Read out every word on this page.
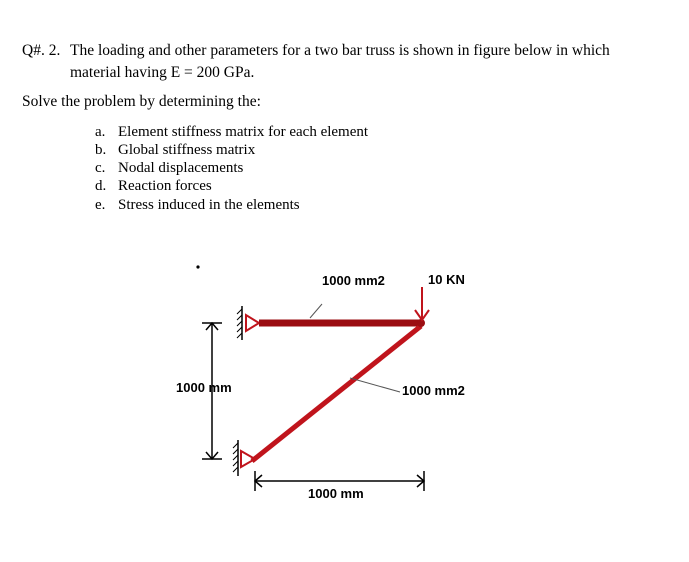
Q#. 2. The loading and other parameters for a two bar truss is shown in figure below in which
material having E = 200 GPa.
Solve the problem by determining the:
a. Element stiffness matrix for each element
b. Global stiffness matrix
c. Nodal displacements
d. Reaction forces
e. Stress induced in the elements
1000 mm2	10 KN
1000 mm2
1000 mm
1000 mm
